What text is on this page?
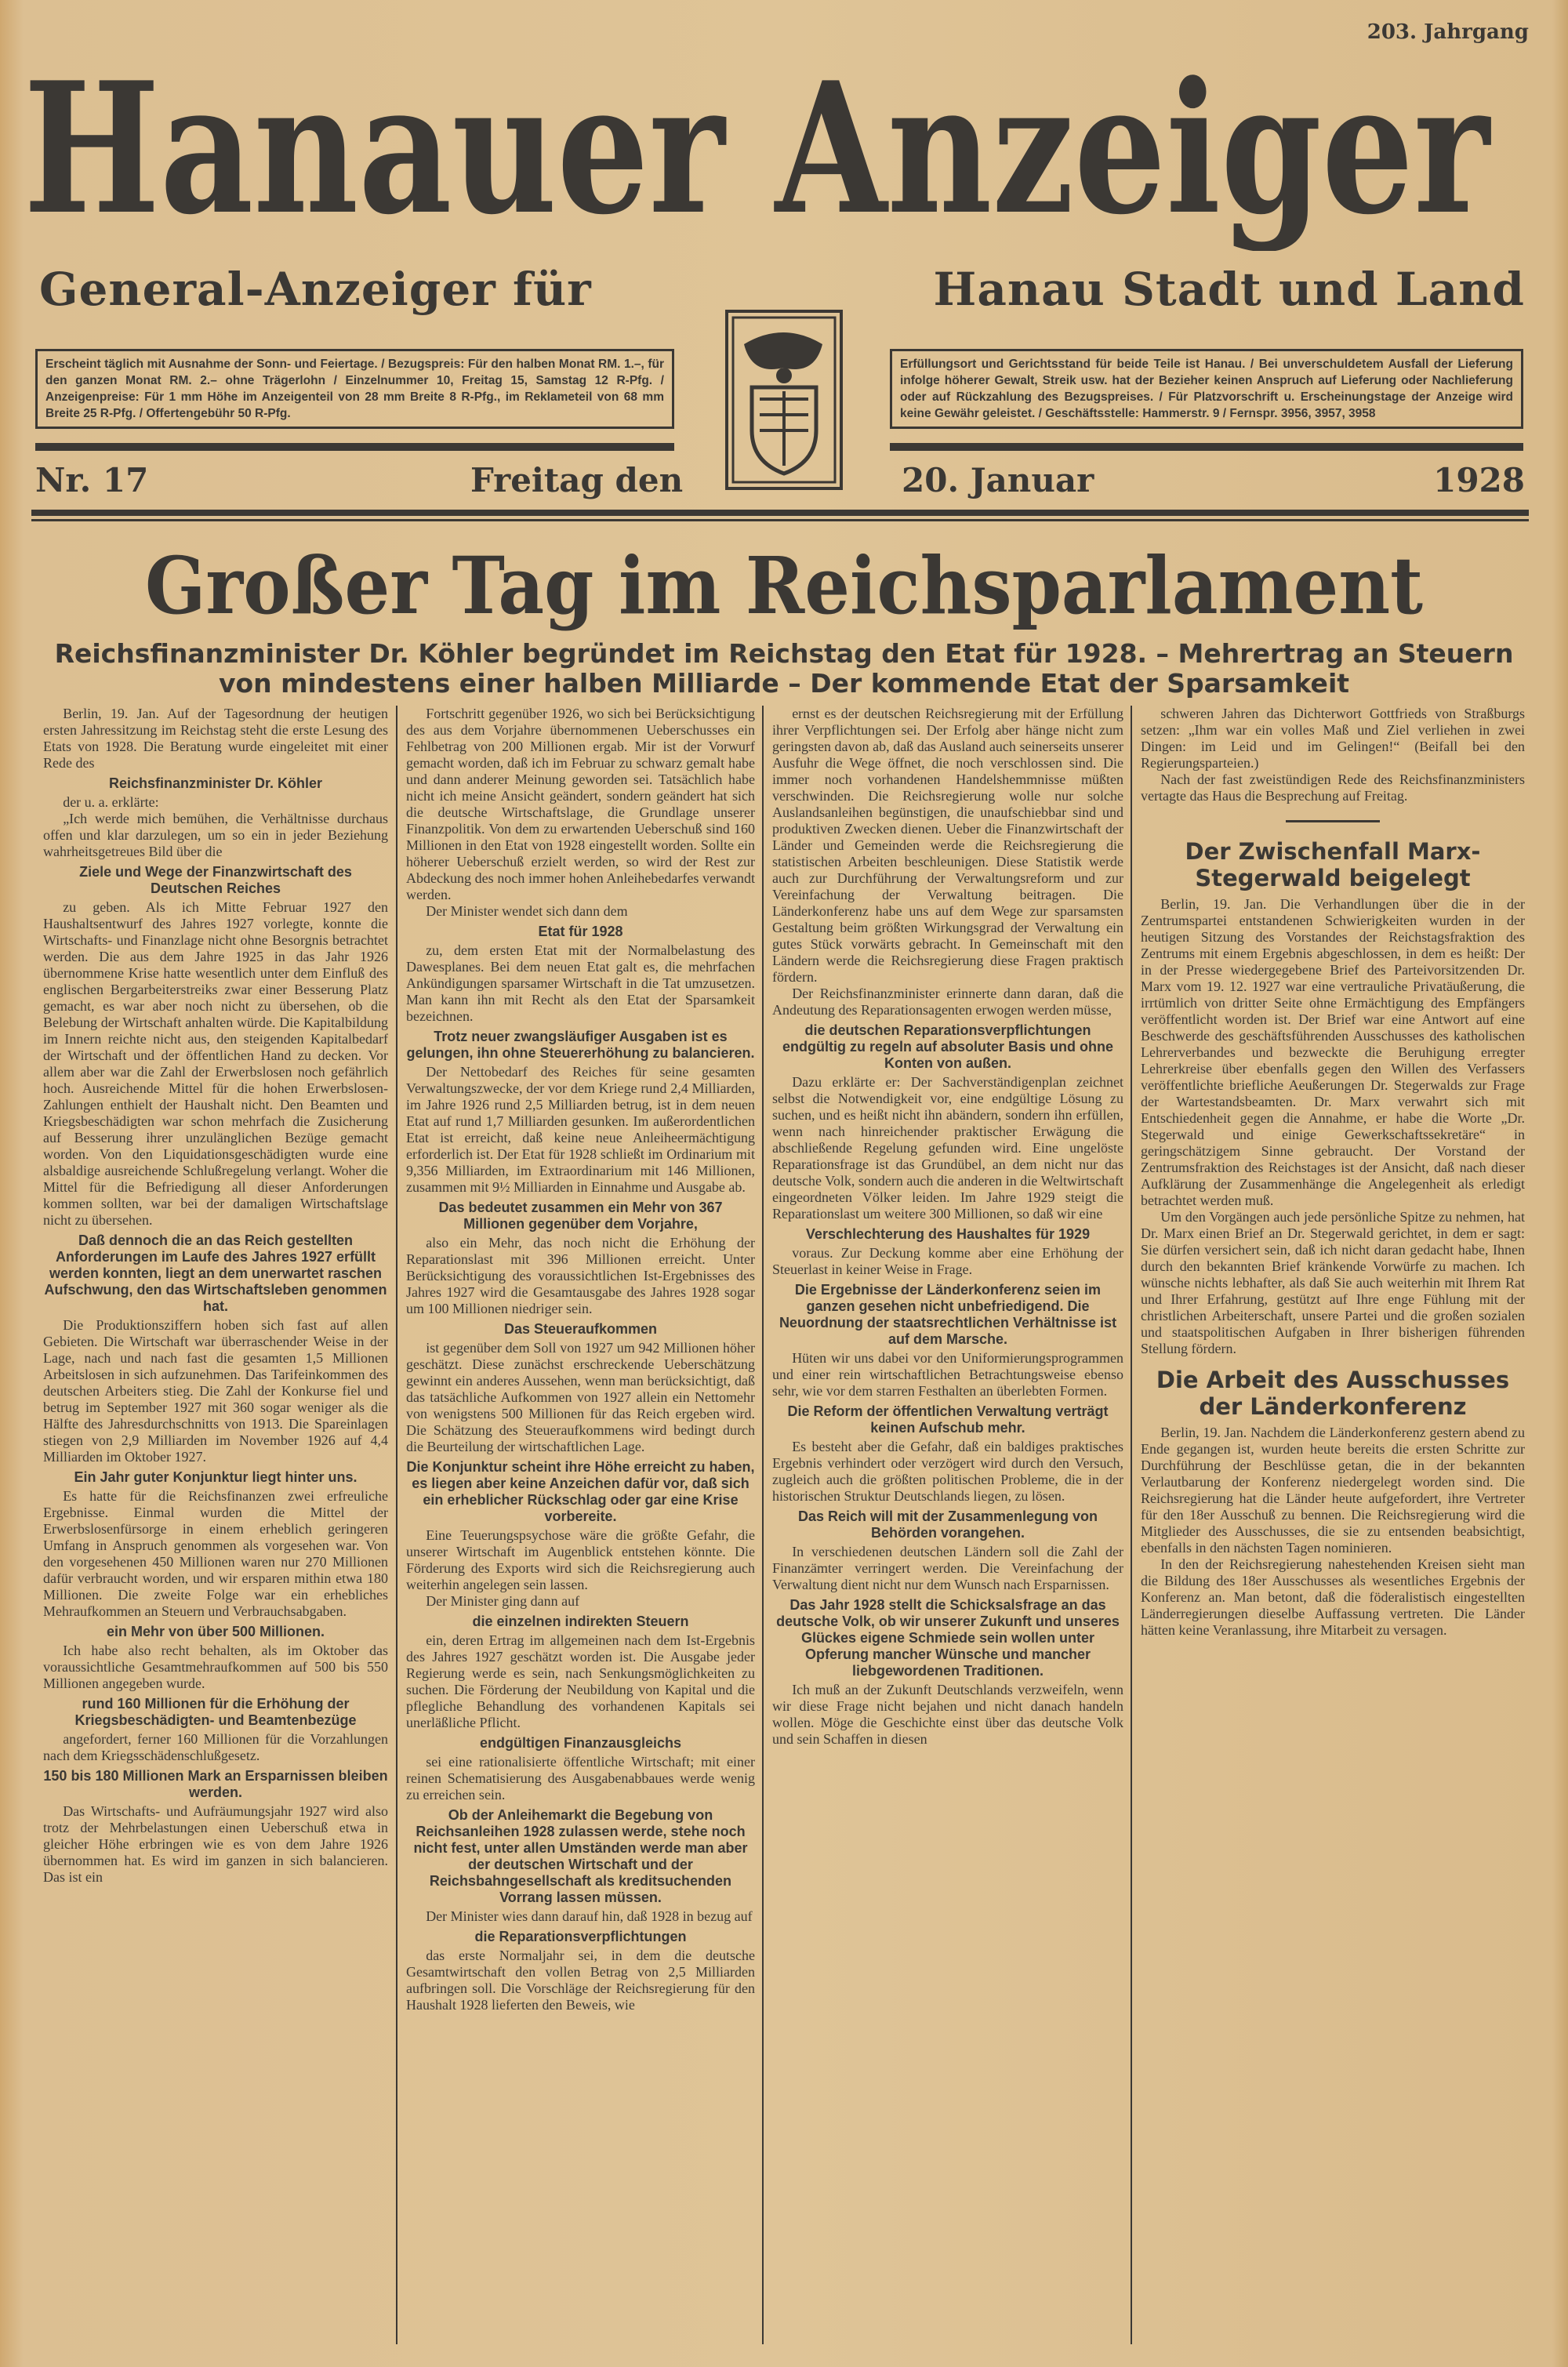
Hanauer Anzeiger
203. Jahrgang
General-Anzeiger für	Hanau Stadt und Land
Erscheint täglich mit Ausnahme der Sonn- und Feiertage. / Bezugspreis: Für den halben Monat RM. 1.–, für den ganzen Monat RM. 2.– ohne Trägerlohn / Einzelnummer 10, Freitag 15, Samstag 12 R-Pfg. / Anzeigenpreise: Für 1 mm Höhe im Anzeigenteil von 28 mm Breite 8 R-Pfg., im Reklameteil von 68 mm Breite 25 R-Pfg. / Offertengebühr 50 R-Pfg.
Erfüllungsort und Gerichtsstand für beide Teile ist Hanau. / Bei unverschuldetem Ausfall der Lieferung infolge höherer Gewalt, Streik usw. hat der Bezieher keinen Anspruch auf Lieferung oder Nachlieferung oder auf Rückzahlung des Bezugspreises. / Für Platzvorschrift u. Erscheinungstage der Anzeige wird keine Gewähr geleistet. / Geschäftsstelle: Hammerstr. 9 / Fernspr. 3956, 3957, 3958
Nr. 17	Freitag den	20. Januar	1928
Großer Tag im Reichsparlament
Reichsfinanzminister Dr. Köhler begründet im Reichstag den Etat für 1928. – Mehrertrag an Steuern von mindestens einer halben Milliarde – Der kommende Etat der Sparsamkeit

Berlin, 19. Jan. Auf der Tagesordnung der heutigen ersten Jahressitzung im Reichstag steht die erste Lesung des Etats von 1928. Die Beratung wurde eingeleitet mit einer Rede des

Reichsfinanzminister Dr. Köhler

der u. a. erklärte:

„Ich werde mich bemühen, die Verhältnisse durchaus offen und klar darzulegen, um so ein in jeder Beziehung wahrheitsgetreues Bild über die

Ziele und Wege der Finanzwirtschaft des Deutschen Reiches

zu geben. Als ich Mitte Februar 1927 den Haushaltsentwurf des Jahres 1927 vorlegte, konnte die Wirtschafts- und Finanzlage nicht ohne Besorgnis betrachtet werden. Die aus dem Jahre 1925 in das Jahr 1926 übernommene Krise hatte wesentlich unter dem Einfluß des englischen Bergarbeiterstreiks zwar einer Besserung Platz gemacht, es war aber noch nicht zu übersehen, ob die Belebung der Wirtschaft anhalten würde. Die Kapitalbildung im Innern reichte nicht aus, den steigenden Kapitalbedarf der Wirtschaft und der öffentlichen Hand zu decken. Vor allem aber war die Zahl der Erwerbslosen noch gefährlich hoch. Ausreichende Mittel für die hohen Erwerbslosen-Zahlungen enthielt der Haushalt nicht. Den Beamten und Kriegsbeschädigten war schon mehrfach die Zusicherung auf Besserung ihrer unzulänglichen Bezüge gemacht worden. Von den Liquidationsgeschädigten wurde eine alsbaldige ausreichende Schlußregelung verlangt. Woher die Mittel für die Befriedigung all dieser Anforderungen kommen sollten, war bei der damaligen Wirtschaftslage nicht zu übersehen.

Daß dennoch die an das Reich gestellten Anforderungen im Laufe des Jahres 1927 erfüllt werden konnten, liegt an dem unerwartet raschen Aufschwung, den das Wirtschaftsleben genommen hat.

Die Produktionsziffern hoben sich fast auf allen Gebieten. Die Wirtschaft war überraschender Weise in der Lage, nach und nach fast die gesamten 1,5 Millionen Arbeitslosen in sich aufzunehmen. Das Tarifeinkommen des deutschen Arbeiters stieg. Die Zahl der Konkurse fiel und betrug im September 1927 mit 360 sogar weniger als die Hälfte des Jahresdurchschnitts von 1913. Die Spareinlagen stiegen von 2,9 Milliarden im November 1926 auf 4,4 Milliarden im Oktober 1927.

Ein Jahr guter Konjunktur liegt hinter uns.

Es hatte für die Reichsfinanzen zwei erfreuliche Ergebnisse. Einmal wurden die Mittel der Erwerbslosenfürsorge in einem erheblich geringeren Umfang in Anspruch genommen als vorgesehen war. Von den vorgesehenen 450 Millionen waren nur 270 Millionen dafür verbraucht worden, und wir ersparen mithin etwa 180 Millionen. Die zweite Folge war ein erhebliches Mehraufkommen an Steuern und Verbrauchsabgaben.

ein Mehr von über 500 Millionen.

Ich habe also recht behalten, als im Oktober das voraussichtliche Gesamtmehraufkommen auf 500 bis 550 Millionen angegeben wurde.

rund 160 Millionen für die Erhöhung der Kriegsbeschädigten- und Beamtenbezüge

angefordert, ferner 160 Millionen für die Vorzahlungen nach dem Kriegsschädenschlußgesetz.

150 bis 180 Millionen Mark an Ersparnissen bleiben werden.

Das Wirtschafts- und Aufräumungsjahr 1927 wird also trotz der Mehrbelastungen einen Ueberschuß etwa in gleicher Höhe erbringen wie es von dem Jahre 1926 übernommen hat. Es wird im ganzen in sich balancieren. Das ist ein

Fortschritt gegenüber 1926, wo sich bei Berücksichtigung des aus dem Vorjahre übernommenen Ueberschusses ein Fehlbetrag von 200 Millionen ergab. Mir ist der Vorwurf gemacht worden, daß ich im Februar zu schwarz gemalt habe und dann anderer Meinung geworden sei. Tatsächlich habe nicht ich meine Ansicht geändert, sondern geändert hat sich die deutsche Wirtschaftslage, die Grundlage unserer Finanzpolitik. Von dem zu erwartenden Ueberschuß sind 160 Millionen in den Etat von 1928 eingestellt worden. Sollte ein höherer Ueberschuß erzielt werden, so wird der Rest zur Abdeckung des noch immer hohen Anleihebedarfes verwandt werden.

Der Minister wendet sich dann dem

Etat für 1928

zu, dem ersten Etat mit der Normalbelastung des Dawesplanes. Bei dem neuen Etat galt es, die mehrfachen Ankündigungen sparsamer Wirtschaft in die Tat umzusetzen. Man kann ihn mit Recht als den Etat der Sparsamkeit bezeichnen.

Trotz neuer zwangsläufiger Ausgaben ist es gelungen, ihn ohne Steuererhöhung zu balancieren.

Der Nettobedarf des Reiches für seine gesamten Verwaltungszwecke, der vor dem Kriege rund 2,4 Milliarden, im Jahre 1926 rund 2,5 Milliarden betrug, ist in dem neuen Etat auf rund 1,7 Milliarden gesunken. Im außerordentlichen Etat ist erreicht, daß keine neue Anleiheermächtigung erforderlich ist. Der Etat für 1928 schließt im Ordinarium mit 9,356 Milliarden, im Extraordinarium mit 146 Millionen, zusammen mit 9½ Milliarden in Einnahme und Ausgabe ab.

Das bedeutet zusammen ein Mehr von 367 Millionen gegenüber dem Vorjahre,

also ein Mehr, das noch nicht die Erhöhung der Reparationslast mit 396 Millionen erreicht. Unter Berücksichtigung des voraussichtlichen Ist-Ergebnisses des Jahres 1927 wird die Gesamtausgabe des Jahres 1928 sogar um 100 Millionen niedriger sein.

Das Steueraufkommen

ist gegenüber dem Soll von 1927 um 942 Millionen höher geschätzt. Diese zunächst erschreckende Ueberschätzung gewinnt ein anderes Aussehen, wenn man berücksichtigt, daß das tatsächliche Aufkommen von 1927 allein ein Nettomehr von wenigstens 500 Millionen für das Reich ergeben wird. Die Schätzung des Steueraufkommens wird bedingt durch die Beurteilung der wirtschaftlichen Lage.

Die Konjunktur scheint ihre Höhe erreicht zu haben, es liegen aber keine Anzeichen dafür vor, daß sich ein erheblicher Rückschlag oder gar eine Krise vorbereite.

Eine Teuerungspsychose wäre die größte Gefahr, die unserer Wirtschaft im Augenblick entstehen könnte. Die Förderung des Exports wird sich die Reichsregierung auch weiterhin angelegen sein lassen.

Der Minister ging dann auf

die einzelnen indirekten Steuern

ein, deren Ertrag im allgemeinen nach dem Ist-Ergebnis des Jahres 1927 geschätzt worden ist. Die Ausgabe jeder Regierung werde es sein, nach Senkungsmöglichkeiten zu suchen. Die Förderung der Neubildung von Kapital und die pflegliche Behandlung des vorhandenen Kapitals sei unerläßliche Pflicht.

endgültigen Finanzausgleichs

sei eine rationalisierte öffentliche Wirtschaft; mit einer reinen Schematisierung des Ausgabenabbaues werde wenig zu erreichen sein.

Ob der Anleihemarkt die Begebung von Reichsanleihen 1928 zulassen werde, stehe noch nicht fest, unter allen Umständen werde man aber der deutschen Wirtschaft und der Reichsbahngesellschaft als kreditsuchenden Vorrang lassen müssen.

Der Minister wies dann darauf hin, daß 1928 in bezug auf

die Reparationsverpflichtungen

das erste Normaljahr sei, in dem die deutsche Gesamtwirtschaft den vollen Betrag von 2,5 Milliarden aufbringen soll. Die Vorschläge der Reichsregierung für den Haushalt 1928 lieferten den Beweis, wie

ernst es der deutschen Reichsregierung mit der Erfüllung ihrer Verpflichtungen sei. Der Erfolg aber hänge nicht zum geringsten davon ab, daß das Ausland auch seinerseits unserer Ausfuhr die Wege öffnet, die noch verschlossen sind. Die immer noch vorhandenen Handelshemmnisse müßten verschwinden. Die Reichsregierung wolle nur solche Auslandsanleihen begünstigen, die unaufschiebbar sind und produktiven Zwecken dienen. Ueber die Finanzwirtschaft der Länder und Gemeinden werde die Reichsregierung die statistischen Arbeiten beschleunigen. Diese Statistik werde auch zur Durchführung der Verwaltungsreform und zur Vereinfachung der Verwaltung beitragen. Die Länderkonferenz habe uns auf dem Wege zur sparsamsten Gestaltung beim größten Wirkungsgrad der Verwaltung ein gutes Stück vorwärts gebracht. In Gemeinschaft mit den Ländern werde die Reichsregierung diese Fragen praktisch fördern.

Der Reichsfinanzminister erinnerte dann daran, daß die Andeutung des Reparationsagenten erwogen werden müsse,

die deutschen Reparationsverpflichtungen endgültig zu regeln auf absoluter Basis und ohne Konten von außen.

Dazu erklärte er: Der Sachverständigenplan zeichnet selbst die Notwendigkeit vor, eine endgültige Lösung zu suchen, und es heißt nicht ihn abändern, sondern ihn erfüllen, wenn nach hinreichender praktischer Erwägung die abschließende Regelung gefunden wird. Eine ungelöste Reparationsfrage ist das Grundübel, an dem nicht nur das deutsche Volk, sondern auch die anderen in die Weltwirtschaft eingeordneten Völker leiden. Im Jahre 1929 steigt die Reparationslast um weitere 300 Millionen, so daß wir eine

Verschlechterung des Haushaltes für 1929

voraus. Zur Deckung komme aber eine Erhöhung der Steuerlast in keiner Weise in Frage.

Die Ergebnisse der Länderkonferenz seien im ganzen gesehen nicht unbefriedigend. Die Neuordnung der staatsrechtlichen Verhältnisse ist auf dem Marsche.

Hüten wir uns dabei vor den Uniformierungsprogrammen und einer rein wirtschaftlichen Betrachtungsweise ebenso sehr, wie vor dem starren Festhalten an überlebten Formen.

Die Reform der öffentlichen Verwaltung verträgt keinen Aufschub mehr.

Es besteht aber die Gefahr, daß ein baldiges praktisches Ergebnis verhindert oder verzögert wird durch den Versuch, zugleich auch die größten politischen Probleme, die in der historischen Struktur Deutschlands liegen, zu lösen.

Das Reich will mit der Zusammenlegung von Behörden vorangehen.

In verschiedenen deutschen Ländern soll die Zahl der Finanzämter verringert werden. Die Vereinfachung der Verwaltung dient nicht nur dem Wunsch nach Ersparnissen.

Das Jahr 1928 stellt die Schicksalsfrage an das deutsche Volk, ob wir unserer Zukunft und unseres Glückes eigene Schmiede sein wollen unter Opferung mancher Wünsche und mancher liebgewordenen Traditionen.

Ich muß an der Zukunft Deutschlands verzweifeln, wenn wir diese Frage nicht bejahen und nicht danach handeln wollen. Möge die Geschichte einst über das deutsche Volk und sein Schaffen in diesen

schweren Jahren das Dichterwort Gottfrieds von Straßburgs setzen: „Ihm war ein volles Maß und Ziel verliehen in zwei Dingen: im Leid und im Gelingen!“ (Beifall bei den Regierungsparteien.)

Nach der fast zweistündigen Rede des Reichsfinanzministers vertagte das Haus die Besprechung auf Freitag.

Der Zwischenfall Marx-Stegerwald beigelegt

Berlin, 19. Jan. Die Verhandlungen über die in der Zentrumspartei entstandenen Schwierigkeiten wurden in der heutigen Sitzung des Vorstandes der Reichstagsfraktion des Zentrums mit einem Ergebnis abgeschlossen, in dem es heißt: Der in der Presse wiedergegebene Brief des Parteivorsitzenden Dr. Marx vom 19. 12. 1927 war eine vertrauliche Privatäußerung, die irrtümlich von dritter Seite ohne Ermächtigung des Empfängers veröffentlicht worden ist. Der Brief war eine Antwort auf eine Beschwerde des geschäftsführenden Ausschusses des katholischen Lehrerverbandes und bezweckte die Beruhigung erregter Lehrerkreise über ebenfalls gegen den Willen des Verfassers veröffentlichte briefliche Aeußerungen Dr. Stegerwalds zur Frage der Wartestandsbeamten. Dr. Marx verwahrt sich mit Entschiedenheit gegen die Annahme, er habe die Worte „Dr. Stegerwald und einige Gewerkschaftssekretäre“ in geringschätzigem Sinne gebraucht. Der Vorstand der Zentrumsfraktion des Reichstages ist der Ansicht, daß nach dieser Aufklärung der Zusammenhänge die Angelegenheit als erledigt betrachtet werden muß.

Um den Vorgängen auch jede persönliche Spitze zu nehmen, hat Dr. Marx einen Brief an Dr. Stegerwald gerichtet, in dem er sagt: Sie dürfen versichert sein, daß ich nicht daran gedacht habe, Ihnen durch den bekannten Brief kränkende Vorwürfe zu machen. Ich wünsche nichts lebhafter, als daß Sie auch weiterhin mit Ihrem Rat und Ihrer Erfahrung, gestützt auf Ihre enge Fühlung mit der christlichen Arbeiterschaft, unsere Partei und die großen sozialen und staatspolitischen Aufgaben in Ihrer bisherigen führenden Stellung fördern.

Die Arbeit des Ausschusses der Länderkonferenz

Berlin, 19. Jan. Nachdem die Länderkonferenz gestern abend zu Ende gegangen ist, wurden heute bereits die ersten Schritte zur Durchführung der Beschlüsse getan, die in der bekannten Verlautbarung der Konferenz niedergelegt worden sind. Die Reichsregierung hat die Länder heute aufgefordert, ihre Vertreter für den 18er Ausschuß zu bennen. Die Reichsregierung wird die Mitglieder des Ausschusses, die sie zu entsenden beabsichtigt, ebenfalls in den nächsten Tagen nominieren.

In den der Reichsregierung nahestehenden Kreisen sieht man die Bildung des 18er Ausschusses als wesentliches Ergebnis der Konferenz an. Man betont, daß die föderalistisch eingestellten Länderregierungen dieselbe Auffassung vertreten. Die Länder hätten keine Veranlassung, ihre Mitarbeit zu versagen.
